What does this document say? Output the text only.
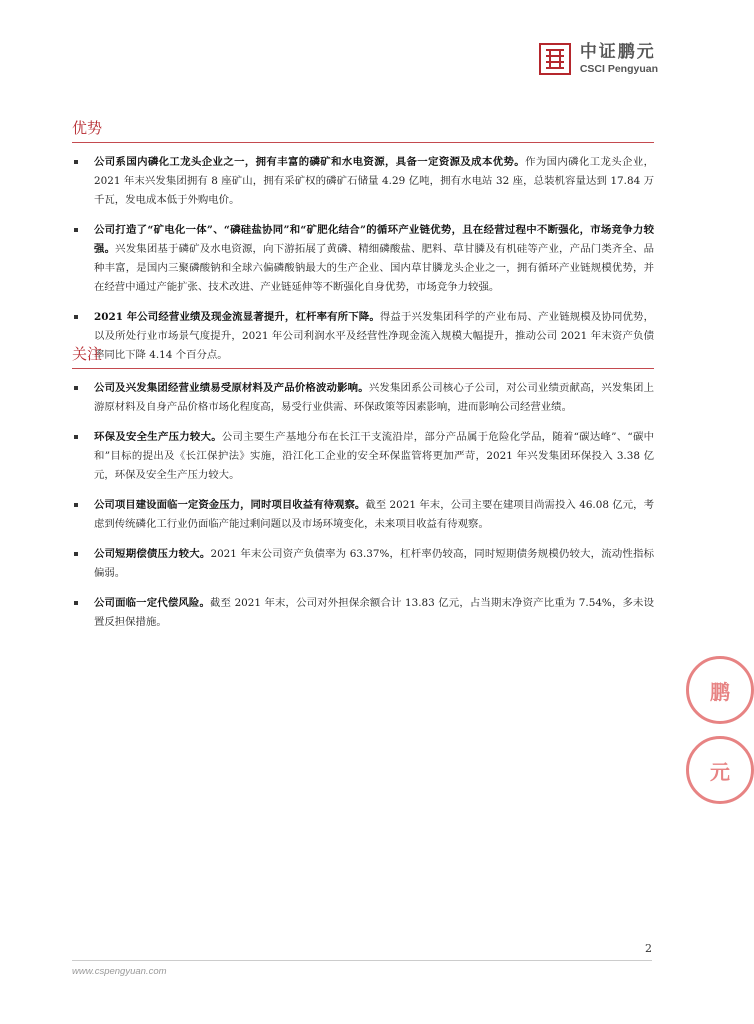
中证鹏元
CSCI Pengyuan
优势
公司系国内磷化工龙头企业之一，拥有丰富的磷矿和水电资源，具备一定资源及成本优势。作为国内磷化工龙头企业，2021 年末兴发集团拥有 8 座矿山，拥有采矿权的磷矿石储量 4.29 亿吨，拥有水电站 32 座，总装机容量达到 17.84 万千瓦，发电成本低于外购电价。
公司打造了“矿电化一体”、“磷硅盐协同”和“矿肥化结合”的循环产业链优势，且在经营过程中不断强化，市场竞争力较强。兴发集团基于磷矿及水电资源，向下游拓展了黄磷、精细磷酸盐、肥料、草甘膦及有机硅等产业，产品门类齐全、品种丰富，是国内三聚磷酸钠和全球六偏磷酸钠最大的生产企业、国内草甘膦龙头企业之一，拥有循环产业链规模优势，并在经营中通过产能扩张、技术改进、产业链延伸等不断强化自身优势，市场竞争力较强。
2021 年公司经营业绩及现金流显著提升，杠杆率有所下降。得益于兴发集团科学的产业布局、产业链规模及协同优势，以及所处行业市场景气度提升，2021 年公司利润水平及经营性净现金流入规模大幅提升，推动公司 2021 年末资产负债率同比下降 4.14 个百分点。
关注
公司及兴发集团经营业绩易受原材料及产品价格波动影响。兴发集团系公司核心子公司，对公司业绩贡献高，兴发集团上游原材料及自身产品价格市场化程度高，易受行业供需、环保政策等因素影响，进而影响公司经营业绩。
环保及安全生产压力较大。公司主要生产基地分布在长江干支流沿岸，部分产品属于危险化学品，随着“碳达峰”、“碳中和”目标的提出及《长江保护法》实施，沿江化工企业的安全环保监管将更加严苛，2021 年兴发集团环保投入 3.38 亿元，环保及安全生产压力较大。
公司项目建设面临一定资金压力，同时项目收益有待观察。截至 2021 年末，公司主要在建项目尚需投入 46.08 亿元，考虑到传统磷化工行业仍面临产能过剩问题以及市场环境变化，未来项目收益有待观察。
公司短期偿债压力较大。2021 年末公司资产负债率为 63.37%，杠杆率仍较高，同时短期债务规模仍较大，流动性指标偏弱。
公司面临一定代偿风险。截至 2021 年末，公司对外担保余额合计 13.83 亿元，占当期末净资产比重为 7.54%，多未设置反担保措施。
鹏
元
2
www.cspengyuan.com
